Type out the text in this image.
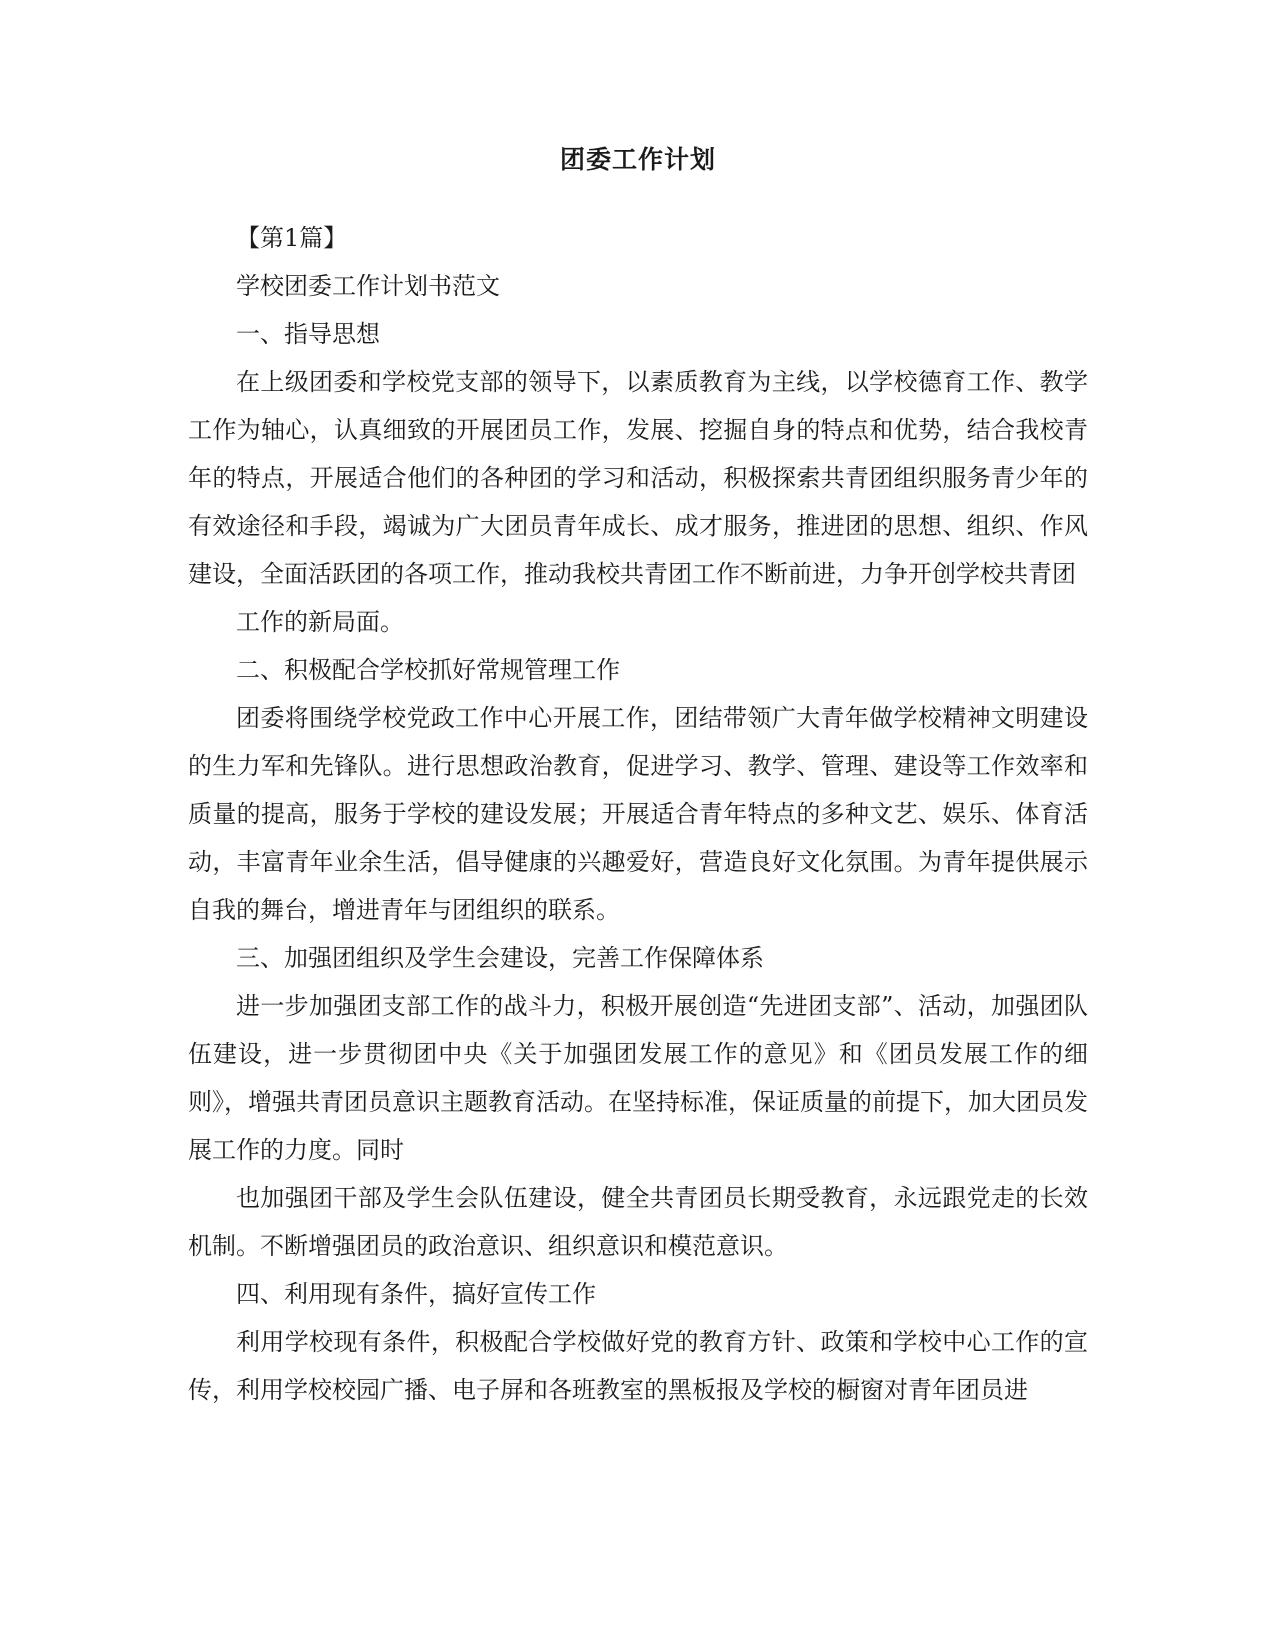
团委工作计划

【第1篇】

学校团委工作计划书范文

一、指导思想

在上级团委和学校党支部的领导下，以素质教育为主线，以学校德育工作、教学工作为轴心，认真细致的开展团员工作，发展、挖掘自身的特点和优势，结合我校青年的特点，开展适合他们的各种团的学习和活动，积极探索共青团组织服务青少年的有效途径和手段，竭诚为广大团员青年成长、成才服务，推进团的思想、组织、作风建设，全面活跃团的各项工作，推动我校共青团工作不断前进，力争开创学校共青团

工作的新局面。

二、积极配合学校抓好常规管理工作

团委将围绕学校党政工作中心开展工作，团结带领广大青年做学校精神文明建设的生力军和先锋队。进行思想政治教育，促进学习、教学、管理、建设等工作效率和质量的提高，服务于学校的建设发展；开展适合青年特点的多种文艺、娱乐、体育活动，丰富青年业余生活，倡导健康的兴趣爱好，营造良好文化氛围。为青年提供展示自我的舞台，增进青年与团组织的联系。

三、加强团组织及学生会建设，完善工作保障体系

进一步加强团支部工作的战斗力，积极开展创造“先进团支部”、活动，加强团队伍建设，进一步贯彻团中央《关于加强团发展工作的意见》和《团员发展工作的细则》，增强共青团员意识主题教育活动。在坚持标准，保证质量的前提下，加大团员发展工作的力度。同时

也加强团干部及学生会队伍建设，健全共青团员长期受教育，永远跟党走的长效机制。不断增强团员的政治意识、组织意识和模范意识。

四、利用现有条件，搞好宣传工作

利用学校现有条件，积极配合学校做好党的教育方针、政策和学校中心工作的宣传，利用学校校园广播、电子屏和各班教室的黑板报及学校的橱窗对青年团员进
